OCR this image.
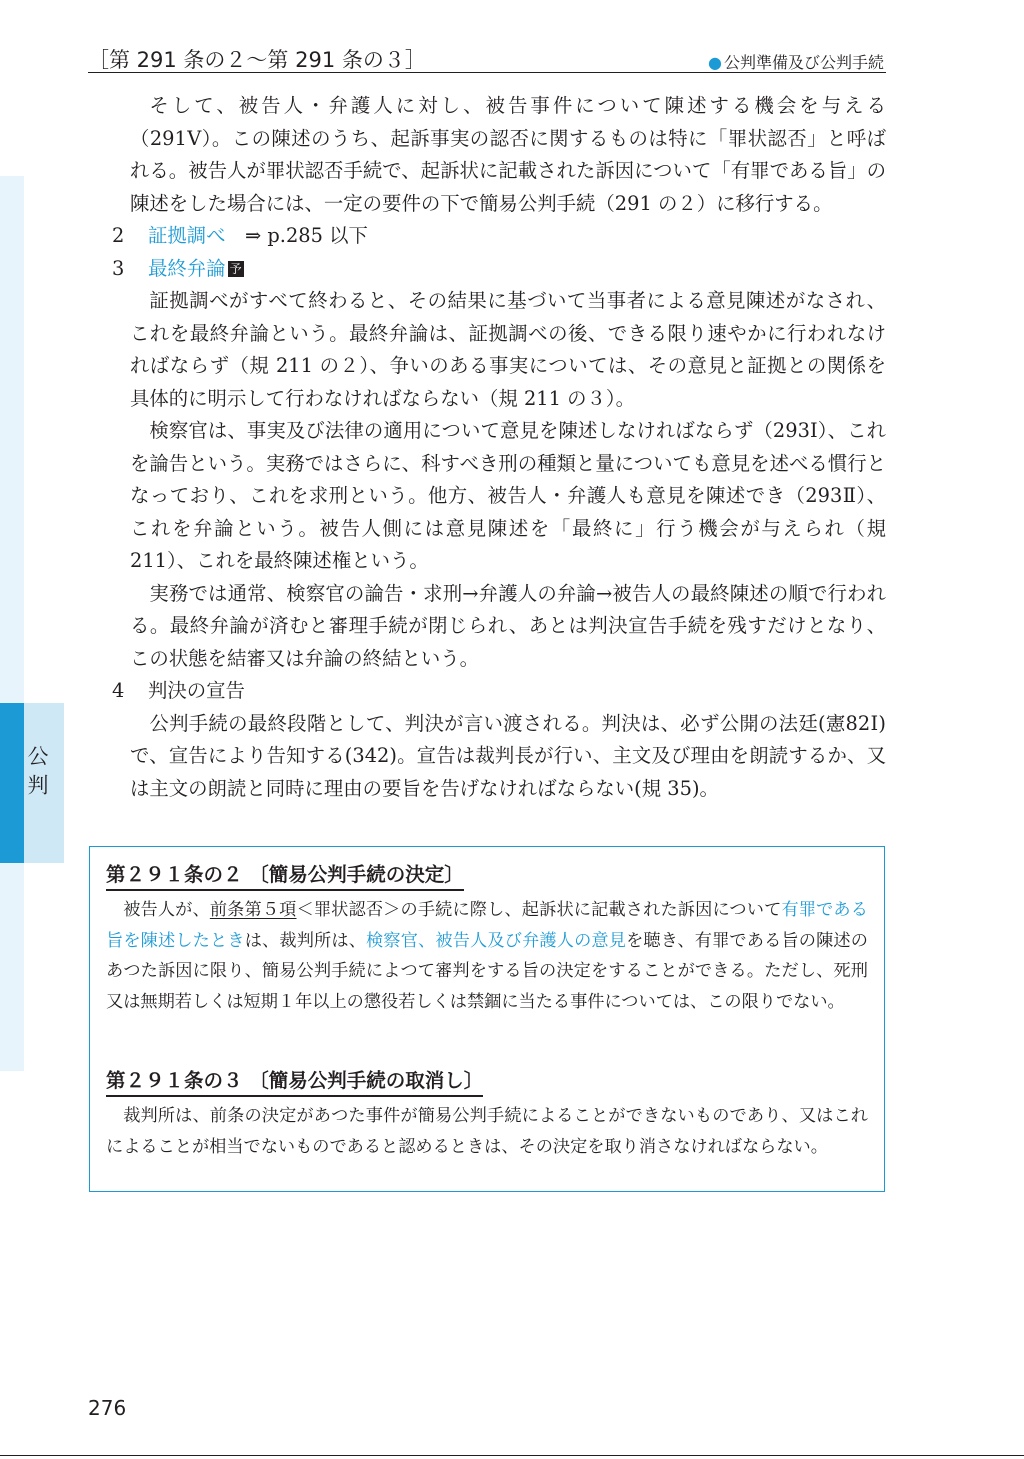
［第 291 条の２～第 291 条の３］	● 公判準備及び公判手続
公判

そして、被告人・弁護人に対し、被告事件について陳述する機会を与える（291Ⅴ）。この陳述のうち、起訴事実の認否に関するものは特に「罪状認否」と呼ばれる。被告人が罪状認否手続で、起訴状に記載された訴因について「有罪である旨」の陳述をした場合には、一定の要件の下で簡易公判手続（291 の２）に移行する。

2 証拠調べ　 ⇒ p.285 以下

3 最終弁論 予

証拠調べがすべて終わると、その結果に基づいて当事者による意見陳述がなされ、これを最終弁論という。最終弁論は、証拠調べの後、できる限り速やかに行われなければならず（規 211 の２）、争いのある事実については、その意見と証拠との関係を具体的に明示して行わなければならない（規 211 の３）。

検察官は、事実及び法律の適用について意見を陳述しなければならず（293Ⅰ）、これを論告という。実務ではさらに、科すべき刑の種類と量についても意見を述べる慣行となっており、これを求刑という。他方、被告人・弁護人も意見を陳述でき（293Ⅱ）、これを弁論という。被告人側には意見陳述を「最終に」行う機会が与えられ（規 211）、これを最終陳述権という。

実務では通常、検察官の論告・求刑→弁護人の弁論→被告人の最終陳述の順で行われる。最終弁論が済むと審理手続が閉じられ、あとは判決宣告手続を残すだけとなり、この状態を結審又は弁論の終結という。

4 判決の宣告

公判手続の最終段階として、判決が言い渡される。判決は、必ず公開の法廷(憲82Ⅰ)で、宣告により告知する(342)。宣告は裁判長が行い、主文及び理由を朗読するか、又は主文の朗読と同時に理由の要旨を告げなければならない(規 35)。

第２９１条の２ 〔簡易公判手続の決定〕

被告人が、前条第５項＜罪状認否＞の手続に際し、起訴状に記載された訴因について有罪である旨を陳述したときは、裁判所は、検察官、被告人及び弁護人の意見を聴き、有罪である旨の陳述のあつた訴因に限り、簡易公判手続によつて審判をする旨の決定をすることができる。ただし、死刑又は無期若しくは短期１年以上の懲役若しくは禁錮に当たる事件については、この限りでない。

第２９１条の３ 〔簡易公判手続の取消し〕

裁判所は、前条の決定があつた事件が簡易公判手続によることができないものであり、又はこれによることが相当でないものであると認めるときは、その決定を取り消さなければならない。

276
